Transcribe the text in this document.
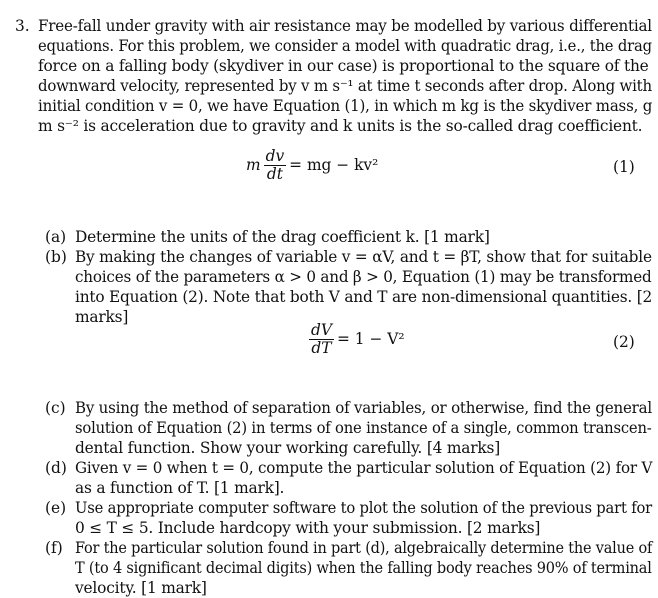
3. Free-fall under gravity with air resistance may be modelled by various differential
equations. For this problem, we consider a model with quadratic drag, i.e., the drag
force on a falling body (skydiver in our case) is proportional to the square of the
downward velocity, represented by v m s⁻¹ at time t seconds after drop. Along with
initial condition v = 0, we have Equation (1), in which m kg is the skydiver mass, g
m s⁻² is acceleration due to gravity and k units is the so-called drag coefficient.
m $\frac{dv}{dt}$ = mg − kv²	(1)
(a) Determine the units of the drag coefficient k. [1 mark]
(b) By making the changes of variable v = αV, and t = βT, show that for suitable
choices of the parameters α > 0 and β > 0, Equation (1) may be transformed
into Equation (2). Note that both V and T are non-dimensional quantities. [2
marks]
$\frac{dV}{dT} = 1 - V^2$	(2)
(c) By using the method of separation of variables, or otherwise, find the general
solution of Equation (2) in terms of one instance of a single, common transcen-
dental function. Show your working carefully. [4 marks]
(d) Given v = 0 when t = 0, compute the particular solution of Equation (2) for V
as a function of T. [1 mark].
(e) Use appropriate computer software to plot the solution of the previous part for
0 ≤ T ≤ 5. Include hardcopy with your submission. [2 marks]
(f) For the particular solution found in part (d), algebraically determine the value of
T (to 4 significant decimal digits) when the falling body reaches 90% of terminal
velocity. [1 mark]
